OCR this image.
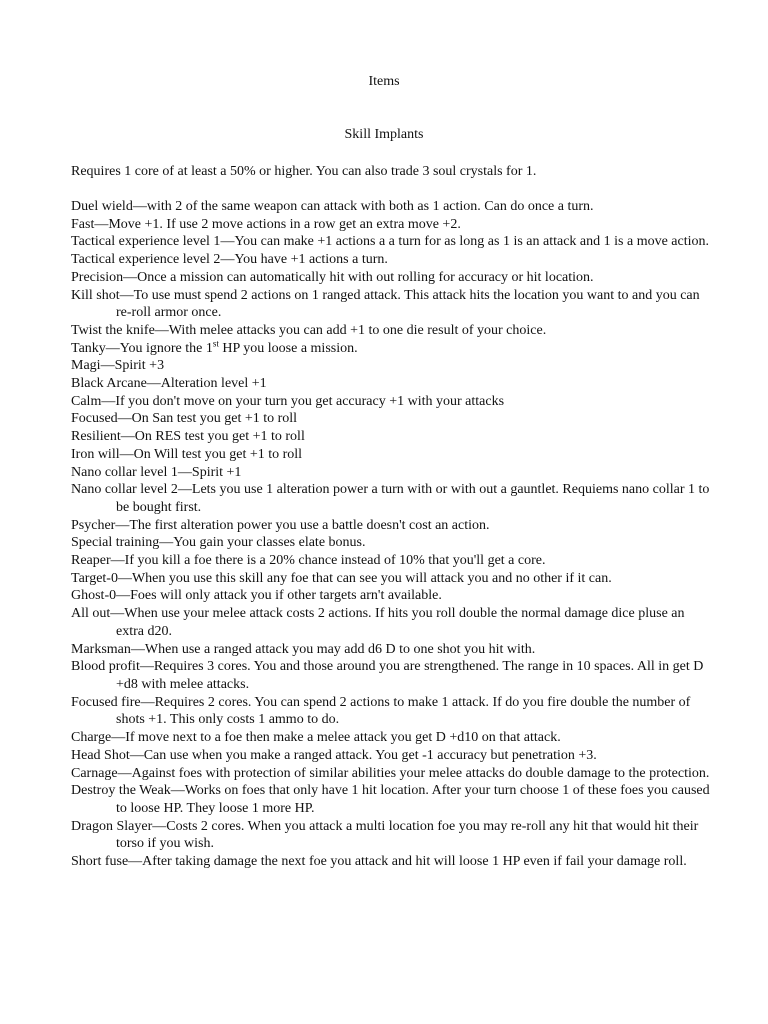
Items
Skill Implants
Requires 1 core of at least a 50% or higher. You can also trade 3 soul crystals for 1.
Duel wield—with 2 of the same weapon can attack with both as 1 action. Can do once a turn.
Fast—Move +1. If use 2 move actions in a row get an extra move +2.
Tactical experience level 1—You can make +1 actions a a turn for as long as 1 is an attack and 1 is a move action.
Tactical experience level 2—You have +1 actions a turn.
Precision—Once a mission can automatically hit with out rolling for accuracy or hit location.
Kill shot—To use must spend 2 actions on 1 ranged attack. This attack hits the location you want to and you can re-roll armor once.
Twist the knife—With melee attacks you can add +1 to one die result of your choice.
Tanky—You ignore the 1st HP you loose a mission.
Magi—Spirit +3
Black Arcane—Alteration level +1
Calm—If you don't move on your turn you get accuracy +1 with your attacks
Focused—On San test you get +1 to roll
Resilient—On RES test you get +1 to roll
Iron will—On Will test you get +1 to roll
Nano collar level 1—Spirit +1
Nano collar level 2—Lets you use 1 alteration power a turn with or with out a gauntlet. Requiems nano collar 1 to be bought first.
Psycher—The first alteration power you use a battle doesn't cost an action.
Special training—You gain your classes elate bonus.
Reaper—If you kill a foe there is a 20% chance instead of 10% that you'll get a core.
Target-0—When you use this skill any foe that can see you will attack you and no other if it can.
Ghost-0—Foes will only attack you if other targets arn't available.
All out—When use your melee attack costs 2 actions. If hits you roll double the normal damage dice pluse an extra d20.
Marksman—When use a ranged attack you may add d6 D to one shot you hit with.
Blood profit—Requires 3 cores. You and those around you are strengthened. The range in 10 spaces. All in get D +d8 with melee attacks.
Focused fire—Requires 2 cores. You can spend 2 actions to make 1 attack. If do you fire double the number of shots +1. This only costs 1 ammo to do.
Charge—If move next to a foe then make a melee attack you get D +d10 on that attack.
Head Shot—Can use when you make a ranged attack. You get -1 accuracy but penetration +3.
Carnage—Against foes with protection of similar abilities your melee attacks do double damage to the protection.
Destroy the Weak—Works on foes that only have 1 hit location. After your turn choose 1 of these foes you caused to loose HP. They loose 1 more HP.
Dragon Slayer—Costs 2 cores. When you attack a multi location foe you may re-roll any hit that would hit their torso if you wish.
Short fuse—After taking damage the next foe you attack and hit will loose 1 HP even if fail your damage roll.
